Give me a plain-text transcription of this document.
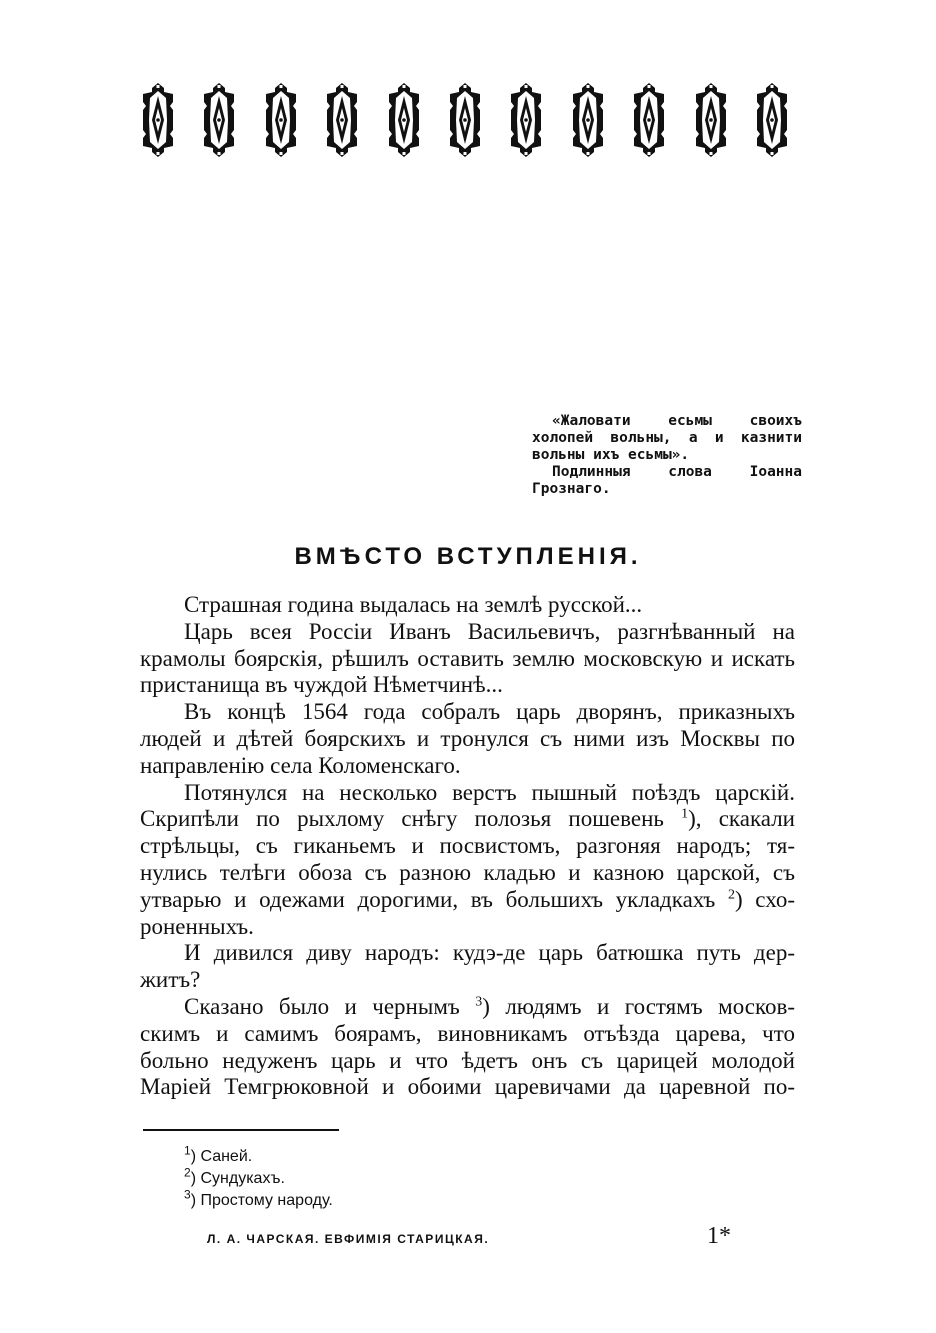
«Жаловати есьмы своихъ
холопей вольны, а и казнити
вольны ихъ есьмы».
Подлинныя слова Іоанна
Грознаго.
ВМѢСТО ВСТУПЛЕНІЯ.
Страшная година выдалась на землѣ русской...
Царь всея Россіи Иванъ Васильевичъ, разгнѣванный на
крамолы боярскія, рѣшилъ оставить землю московскую и искать
пристанища въ чуждой Нѣметчинѣ...
Въ концѣ 1564 года собралъ царь дворянъ, приказныхъ
людей и дѣтей боярскихъ и тронулся съ ними изъ Москвы по
направленію села Коломенскаго.
Потянулся на несколько верстъ пышный поѣздъ царскій.
Скрипѣли по рыхлому снѣгу полозья пошевень $^1$), скакали
стрѣльцы, съ гиканьемъ и посвистомъ, разгоняя народъ; тя-
нулись телѣги обоза съ разною кладью и казною царской, съ
утварью и одежами дорогими, въ большихъ укладкахъ $^2$) схо-
роненныхъ.
И дивился диву народъ: кудэ-де царь батюшка путь дер-
житъ?
Сказано было и чернымъ $^3$) людямъ и гостямъ москов-
скимъ и самимъ боярамъ, виновникамъ отъѣзда царева, что
больно недуженъ царь и что ѣдетъ онъ съ царицей молодой
Маріей Темгрюковной и обоими царевичами да царевной по-
$^1$) Саней.
$^2$) Сундукахъ.
$^3$) Простому народу.
Л. А. ЧАРСКАЯ. ЕВФИМІЯ СТАРИЦКАЯ.	1*
